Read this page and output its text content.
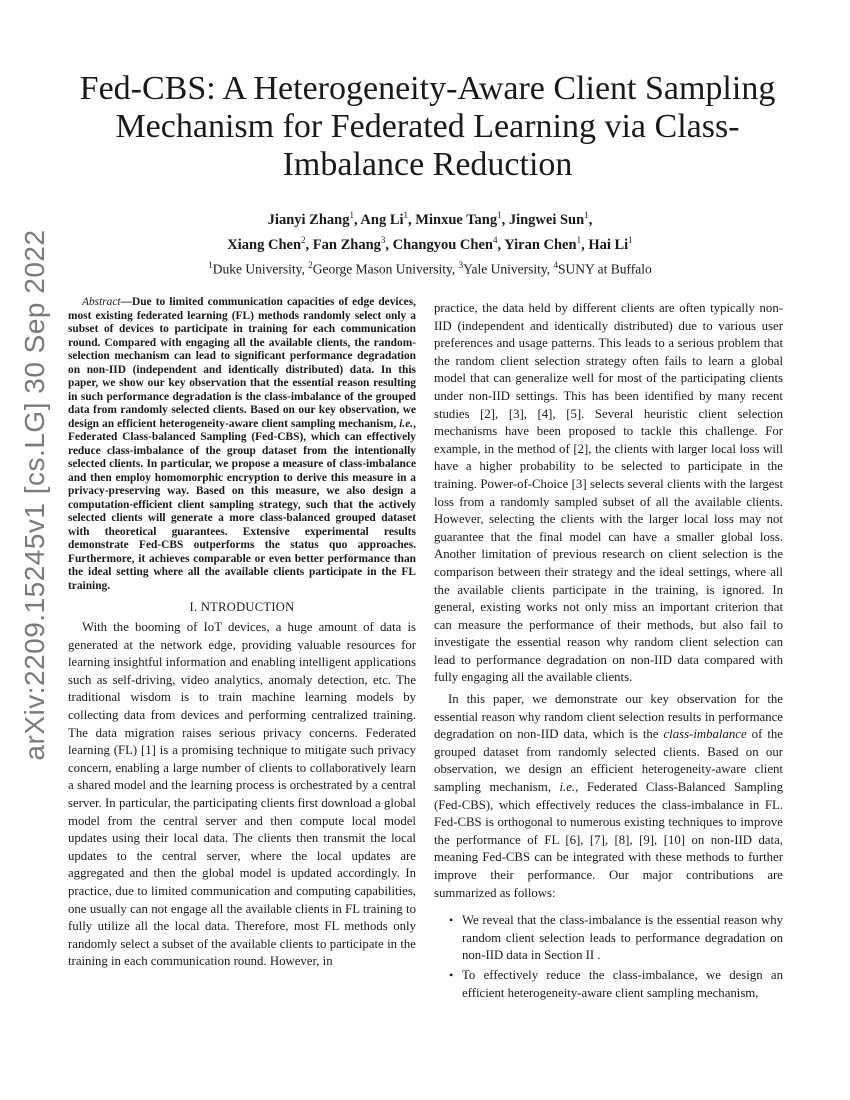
arXiv:2209.15245v1 [cs.LG] 30 Sep 2022
Fed-CBS: A Heterogeneity-Aware Client Sampling Mechanism for Federated Learning via Class-Imbalance Reduction
Jianyi Zhang$^1$, Ang Li$^1$, Minxue Tang$^1$, Jingwei Sun$^1$,
Xiang Chen$^2$, Fan Zhang$^3$, Changyou Chen$^4$, Yiran Chen$^1$, Hai Li$^1$
$^1$Duke University, $^2$George Mason University, $^3$Yale University, $^4$SUNY at Buffalo

Abstract—Due to limited communication capacities of edge devices, most existing federated learning (FL) methods randomly select only a subset of devices to participate in training for each communication round. Compared with engaging all the available clients, the random-selection mechanism can lead to significant performance degradation on non-IID (independent and identically distributed) data. In this paper, we show our key observation that the essential reason resulting in such performance degradation is the class-imbalance of the grouped data from randomly selected clients. Based on our key observation, we design an efficient heterogeneity-aware client sampling mechanism, i.e., Federated Class-balanced Sampling (Fed-CBS), which can effectively reduce class-imbalance of the group dataset from the intentionally selected clients. In particular, we propose a measure of class-imbalance and then employ homomorphic encryption to derive this measure in a privacy-preserving way. Based on this measure, we also design a computation-efficient client sampling strategy, such that the actively selected clients will generate a more class-balanced grouped dataset with theoretical guarantees. Extensive experimental results demonstrate Fed-CBS outperforms the status quo approaches. Furthermore, it achieves comparable or even better performance than the ideal setting where all the available clients participate in the FL training.

I. NTRODUCTION

With the booming of IoT devices, a huge amount of data is generated at the network edge, providing valuable resources for learning insightful information and enabling intelligent applications such as self-driving, video analytics, anomaly detection, etc. The traditional wisdom is to train machine learning models by collecting data from devices and performing centralized training. The data migration raises serious privacy concerns. Federated learning (FL) [1] is a promising technique to mitigate such privacy concern, enabling a large number of clients to collaboratively learn a shared model and the learning process is orchestrated by a central server. In particular, the participating clients first download a global model from the central server and then compute local model updates using their local data. The clients then transmit the local updates to the central server, where the local updates are aggregated and then the global model is updated accordingly. In practice, due to limited communication and computing capabilities, one usually can not engage all the available clients in FL training to fully utilize all the local data. Therefore, most FL methods only randomly select a subset of the available clients to participate in the training in each communication round. However, in

practice, the data held by different clients are often typically non-IID (independent and identically distributed) due to various user preferences and usage patterns. This leads to a serious problem that the random client selection strategy often fails to learn a global model that can generalize well for most of the participating clients under non-IID settings. This has been identified by many recent studies [2], [3], [4], [5]. Several heuristic client selection mechanisms have been proposed to tackle this challenge. For example, in the method of [2], the clients with larger local loss will have a higher probability to be selected to participate in the training. Power-of-Choice [3] selects several clients with the largest loss from a randomly sampled subset of all the available clients. However, selecting the clients with the larger local loss may not guarantee that the final model can have a smaller global loss. Another limitation of previous research on client selection is the comparison between their strategy and the ideal settings, where all the available clients participate in the training, is ignored. In general, existing works not only miss an important criterion that can measure the performance of their methods, but also fail to investigate the essential reason why random client selection can lead to performance degradation on non-IID data compared with fully engaging all the available clients.

In this paper, we demonstrate our key observation for the essential reason why random client selection results in performance degradation on non-IID data, which is the class-imbalance of the grouped dataset from randomly selected clients. Based on our observation, we design an efficient heterogeneity-aware client sampling mechanism, i.e., Federated Class-Balanced Sampling (Fed-CBS), which effectively reduces the class-imbalance in FL. Fed-CBS is orthogonal to numerous existing techniques to improve the performance of FL [6], [7], [8], [9], [10] on non-IID data, meaning Fed-CBS can be integrated with these methods to further improve their performance. Our major contributions are summarized as follows:

• We reveal that the class-imbalance is the essential reason why random client selection leads to performance degradation on non-IID data in Section II .
• To effectively reduce the class-imbalance, we design an efficient heterogeneity-aware client sampling mechanism,
